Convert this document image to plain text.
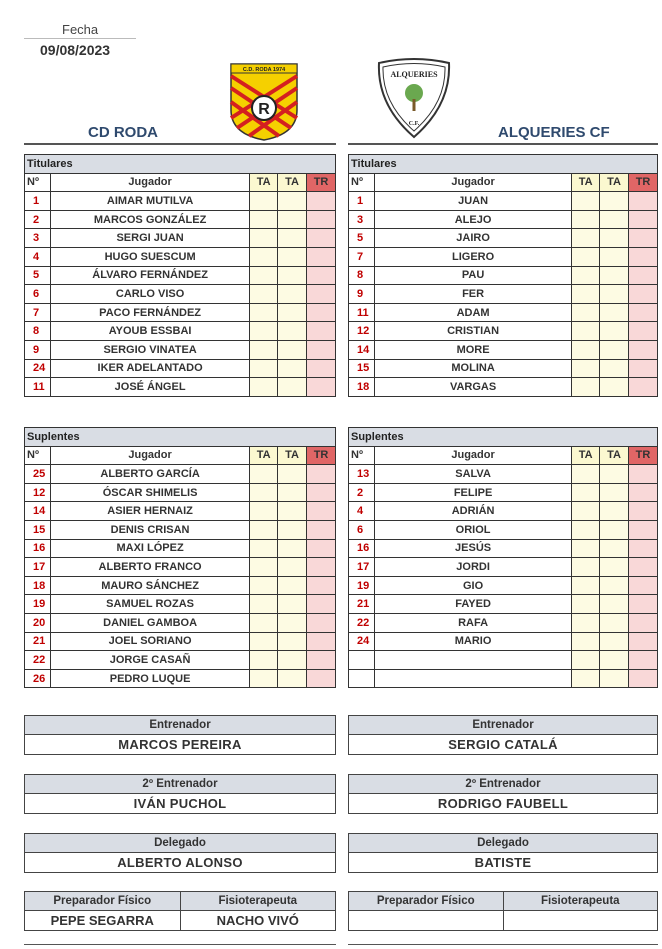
Fecha
09/08/2023
R
C.D. RODA 1974	ALQUERIES
C.F.
CD RODA	ALQUERIES CF
Titulares				
Nº	Jugador	TA	TA	TR
1	AIMAR MUTILVA			
2	MARCOS GONZÁLEZ			
3	SERGI JUAN			
4	HUGO SUESCUM			
5	ÁLVARO FERNÁNDEZ			
6	CARLO VISO			
7	PACO FERNÁNDEZ			
8	AYOUB ESSBAI			
9	SERGIO VINATEA			
24	IKER ADELANTADO			
11	JOSÉ ÁNGEL			
Titulares				
Nº	Jugador	TA	TA	TR
1	JUAN			
3	ALEJO			
5	JAIRO			
7	LIGERO			
8	PAU			
9	FER			
11	ADAM			
12	CRISTIAN			
14	MORE			
15	MOLINA			
18	VARGAS			
Suplentes				
Nº	Jugador	TA	TA	TR
25	ALBERTO GARCÍA			
12	ÓSCAR SHIMELIS			
14	ASIER HERNAIZ			
15	DENIS CRISAN			
16	MAXI LÓPEZ			
17	ALBERTO FRANCO			
18	MAURO SÁNCHEZ			
19	SAMUEL ROZAS			
20	DANIEL GAMBOA			
21	JOEL SORIANO			
22	JORGE CASAÑ			
26	PEDRO LUQUE			
Suplentes				
Nº	Jugador	TA	TA	TR
13	SALVA			
2	FELIPE			
4	ADRIÁN			
6	ORIOL			
16	JESÚS			
17	JORDI			
19	GIO			
21	FAYED			
22	RAFA			
24	MARIO			

Entrenador
MARCOS PEREIRA
Entrenador
SERGIO CATALÁ
2º Entrenador
IVÁN PUCHOL
2º Entrenador
RODRIGO FAUBELL
Delegado
ALBERTO ALONSO
Delegado
BATISTE
Preparador Físico
PEPE SEGARRA
Fisioterapeuta
NACHO VIVÓ
Preparador Físico	Fisioterapeuta
